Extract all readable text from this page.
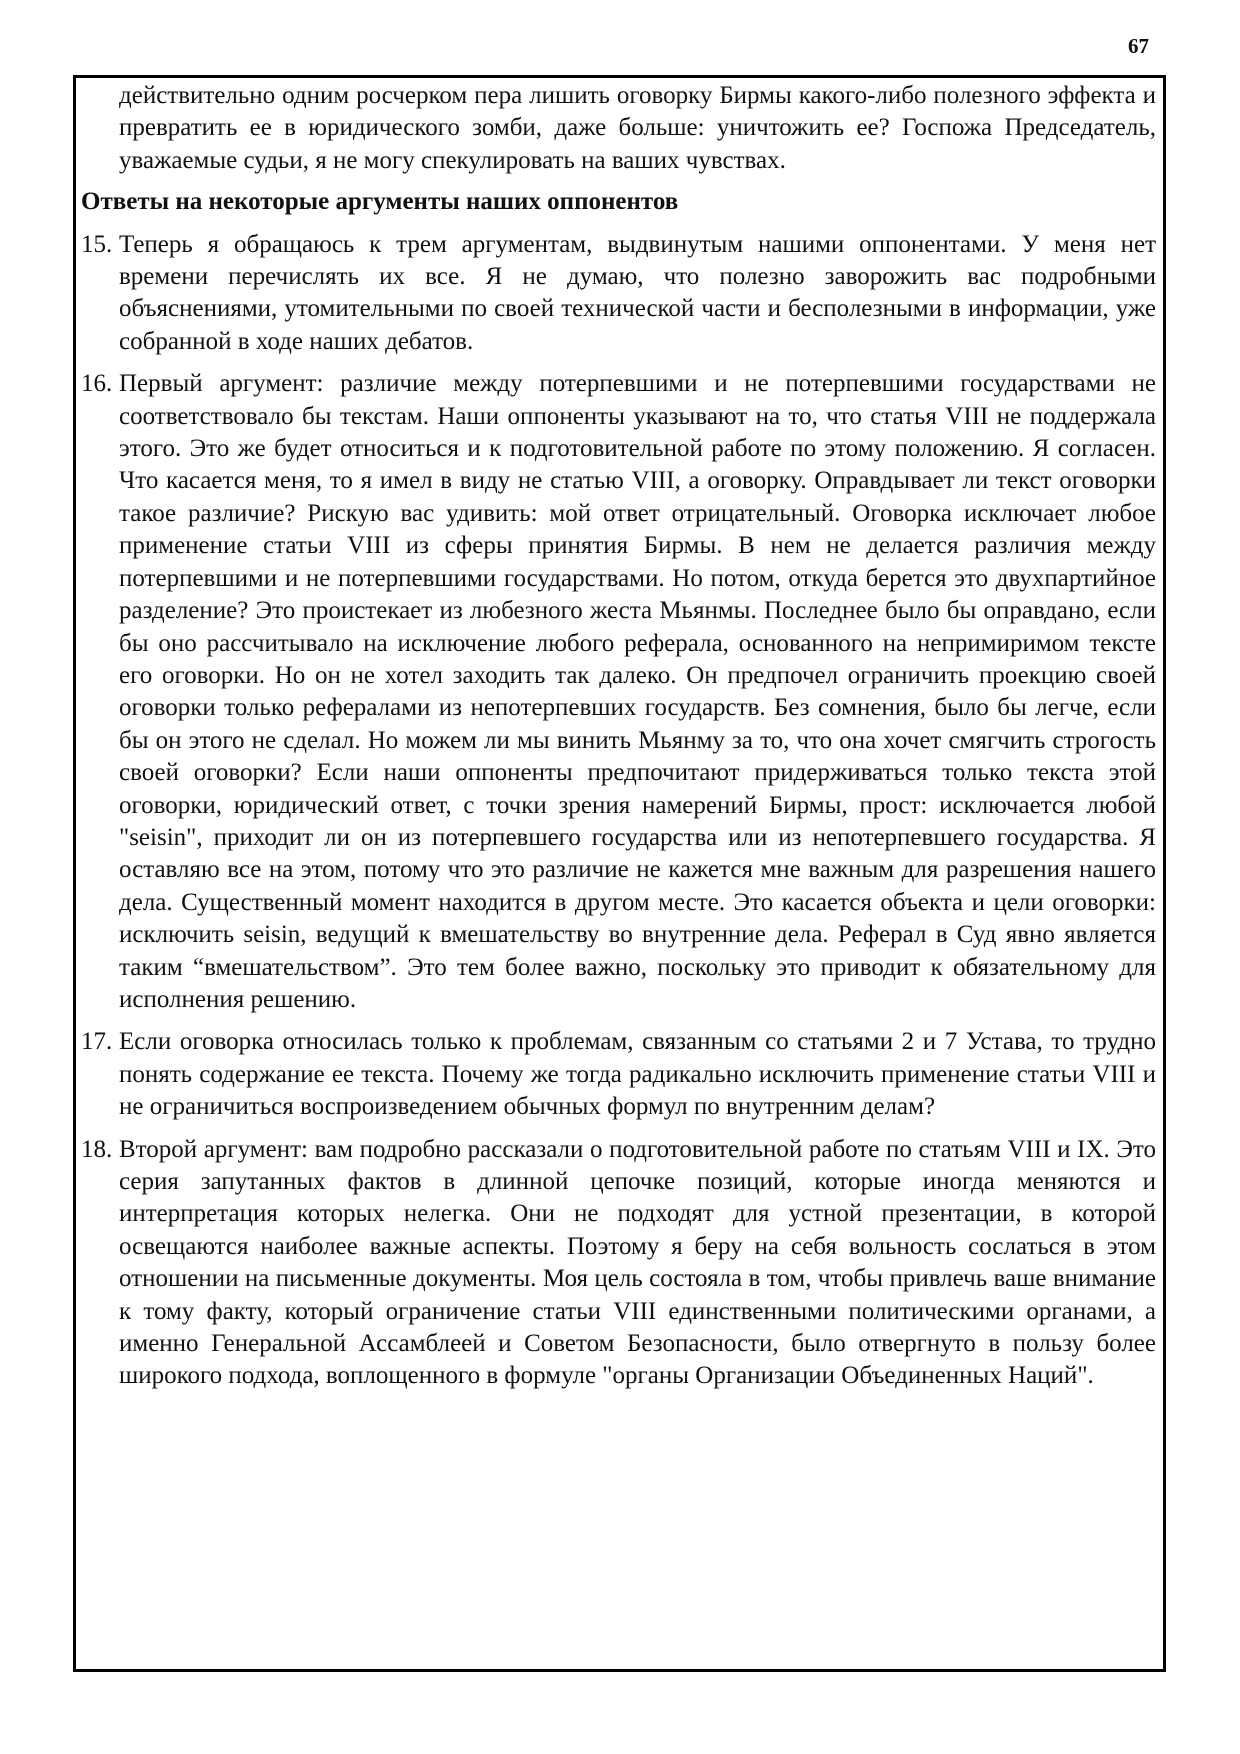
67

действительно одним росчерком пера лишить оговорку Бирмы какого-либо полезного эффекта и превратить ее в юридического зомби, даже больше: уничтожить ее? Госпожа Председатель, уважаемые судьи, я не могу спекулировать на ваших чувствах.

Ответы на некоторые аргументы наших оппонентов

15. Теперь я обращаюсь к трем аргументам, выдвинутым нашими оппонентами. У меня нет времени перечислять их все. Я не думаю, что полезно заворожить вас подробными объяснениями, утомительными по своей технической части и бесполезными в информации, уже собранной в ходе наших дебатов.

16. Первый аргумент: различие между потерпевшими и не потерпевшими государствами не соответствовало бы текстам. Наши оппоненты указывают на то, что статья VIII не поддержала этого. Это же будет относиться и к подготовительной работе по этому положению. Я согласен. Что касается меня, то я имел в виду не статью VIII, а оговорку. Оправдывает ли текст оговорки такое различие? Рискую вас удивить: мой ответ отрицательный. Оговорка исключает любое применение статьи VIII из сферы принятия Бирмы. В нем не делается различия между потерпевшими и не потерпевшими государствами. Но потом, откуда берется это двухпартийное разделение? Это проистекает из любезного жеста Мьянмы. Последнее было бы оправдано, если бы оно рассчитывало на исключение любого реферала, основанного на непримиримом тексте его оговорки. Но он не хотел заходить так далеко. Он предпочел ограничить проекцию своей оговорки только рефералами из непотерпевших государств. Без сомнения, было бы легче, если бы он этого не сделал. Но можем ли мы винить Мьянму за то, что она хочет смягчить строгость своей оговорки? Если наши оппоненты предпочитают придерживаться только текста этой оговорки, юридический ответ, с точки зрения намерений Бирмы, прост: исключается любой "seisin", приходит ли он из потерпевшего государства или из непотерпевшего государства. Я оставляю все на этом, потому что это различие не кажется мне важным для разрешения нашего дела. Существенный момент находится в другом месте. Это касается объекта и цели оговорки: исключить seisin, ведущий к вмешательству во внутренние дела. Реферал в Суд явно является таким “вмешательством”. Это тем более важно, поскольку это приводит к обязательному для исполнения решению.

17. Если оговорка относилась только к проблемам, связанным со статьями 2 и 7 Устава, то трудно понять содержание ее текста. Почему же тогда радикально исключить применение статьи VIII и не ограничиться воспроизведением обычных формул по внутренним делам?

18. Второй аргумент: вам подробно рассказали о подготовительной работе по статьям VIII и IX. Это серия запутанных фактов в длинной цепочке позиций, которые иногда меняются и интерпретация которых нелегка. Они не подходят для устной презентации, в которой освещаются наиболее важные аспекты. Поэтому я беру на себя вольность сослаться в этом отношении на письменные документы. Моя цель состояла в том, чтобы привлечь ваше внимание к тому факту, который ограничение статьи VIII единственными политическими органами, а именно Генеральной Ассамблеей и Советом Безопасности, было отвергнуто в пользу более широкого подхода, воплощенного в формуле "органы Организации Объединенных Наций".
